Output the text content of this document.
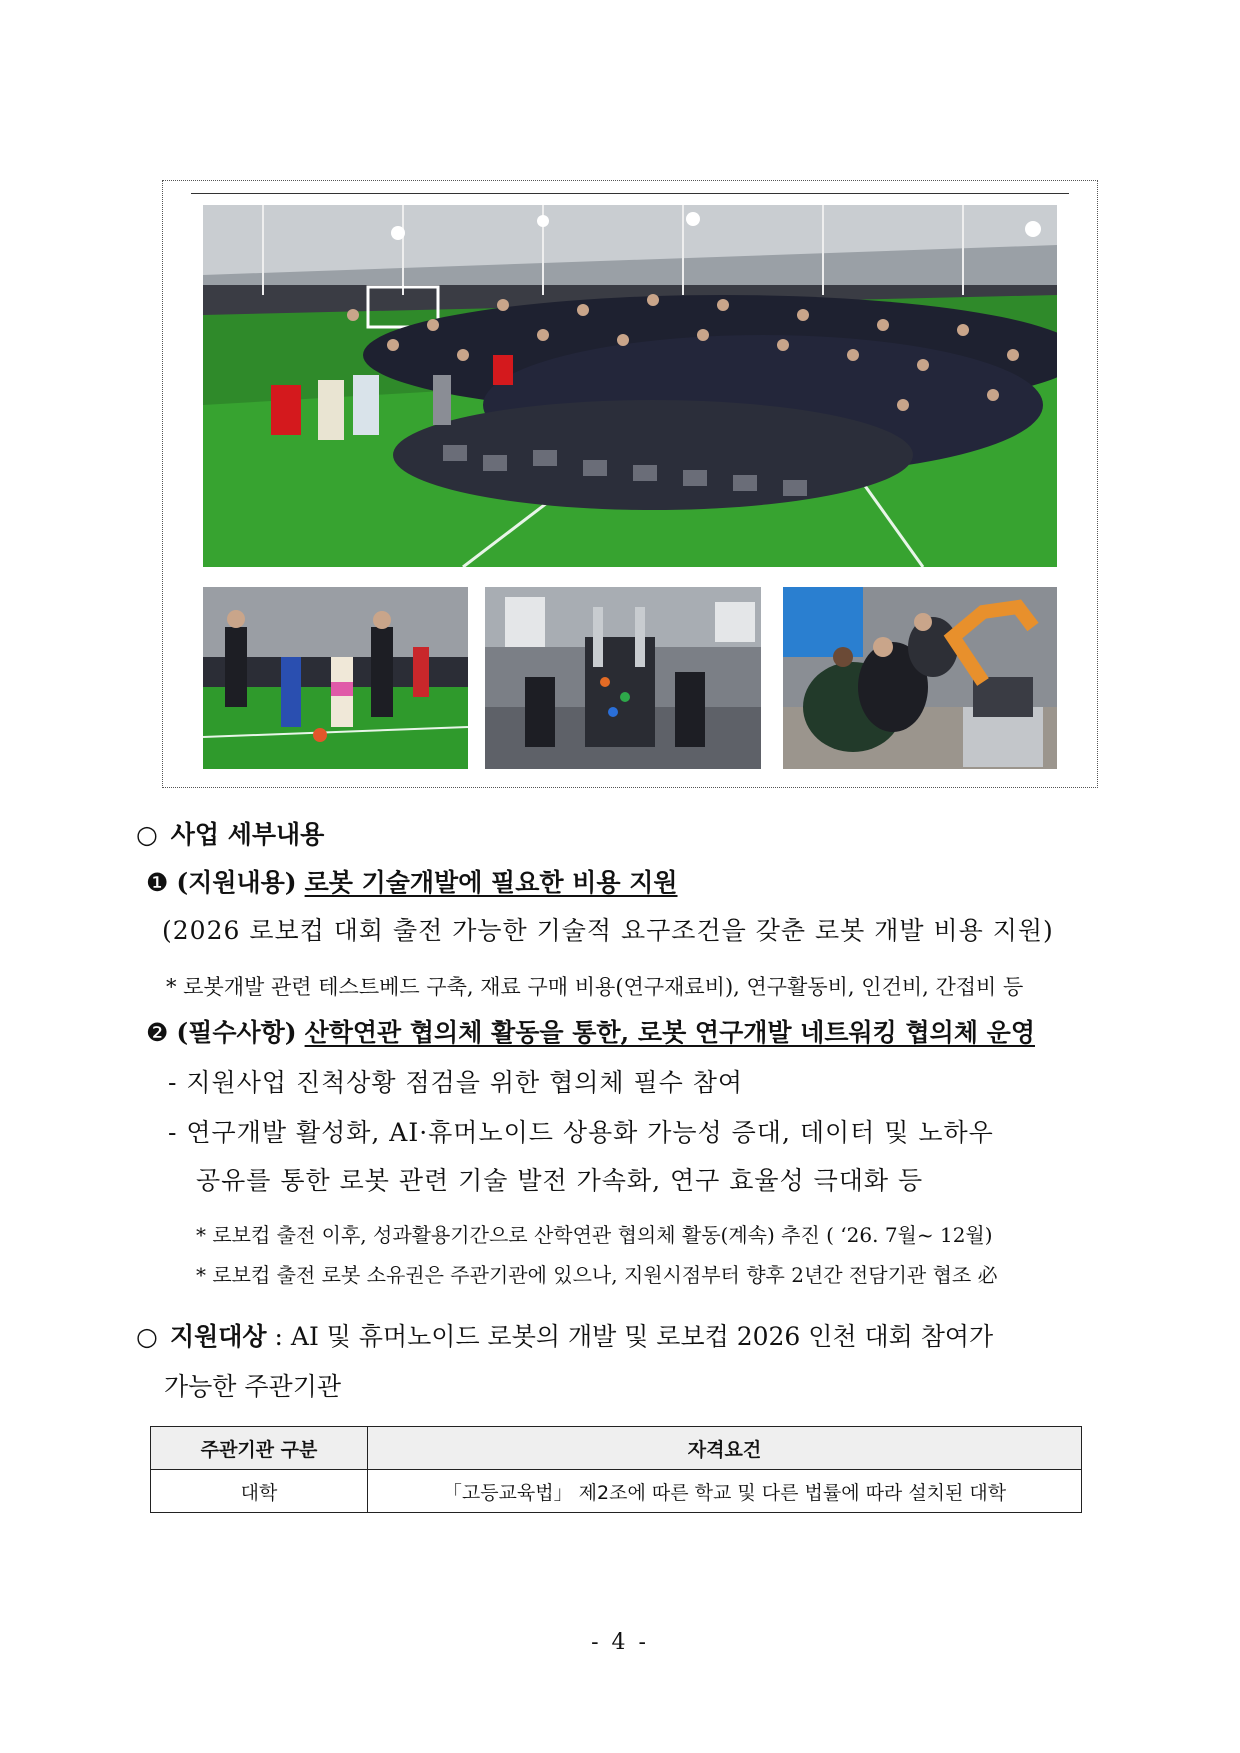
○ 사업 세부내용
❶ (지원내용) 로봇 기술개발에 필요한 비용 지원
(2026 로보컵 대회 출전 가능한 기술적 요구조건을 갖춘 로봇 개발 비용 지원)
* 로봇개발 관련 테스트베드 구축, 재료 구매 비용(연구재료비), 연구활동비, 인건비, 간접비 등
❷ (필수사항) 산학연관 협의체 활동을 통한, 로봇 연구개발 네트워킹 협의체 운영
- 지원사업 진척상황 점검을 위한 협의체 필수 참여
- 연구개발 활성화, AI·휴머노이드 상용화 가능성 증대, 데이터 및 노하우
공유를 통한 로봇 관련 기술 발전 가속화, 연구 효율성 극대화 등
* 로보컵 출전 이후, 성과활용기간으로 산학연관 협의체 활동(계속) 추진 ( ‘26. 7월~ 12월)
* 로보컵 출전 로봇 소유권은 주관기관에 있으나, 지원시점부터 향후 2년간 전담기관 협조 必
○ 지원대상 : AI 및 휴머노이드 로봇의 개발 및 로보컵 2026 인천 대회 참여가
가능한 주관기관
주관기관 구분	자격요건
대학	「고등교육법」 제2조에 따른 학교 및 다른 법률에 따라 설치된 대학
- 4 -
